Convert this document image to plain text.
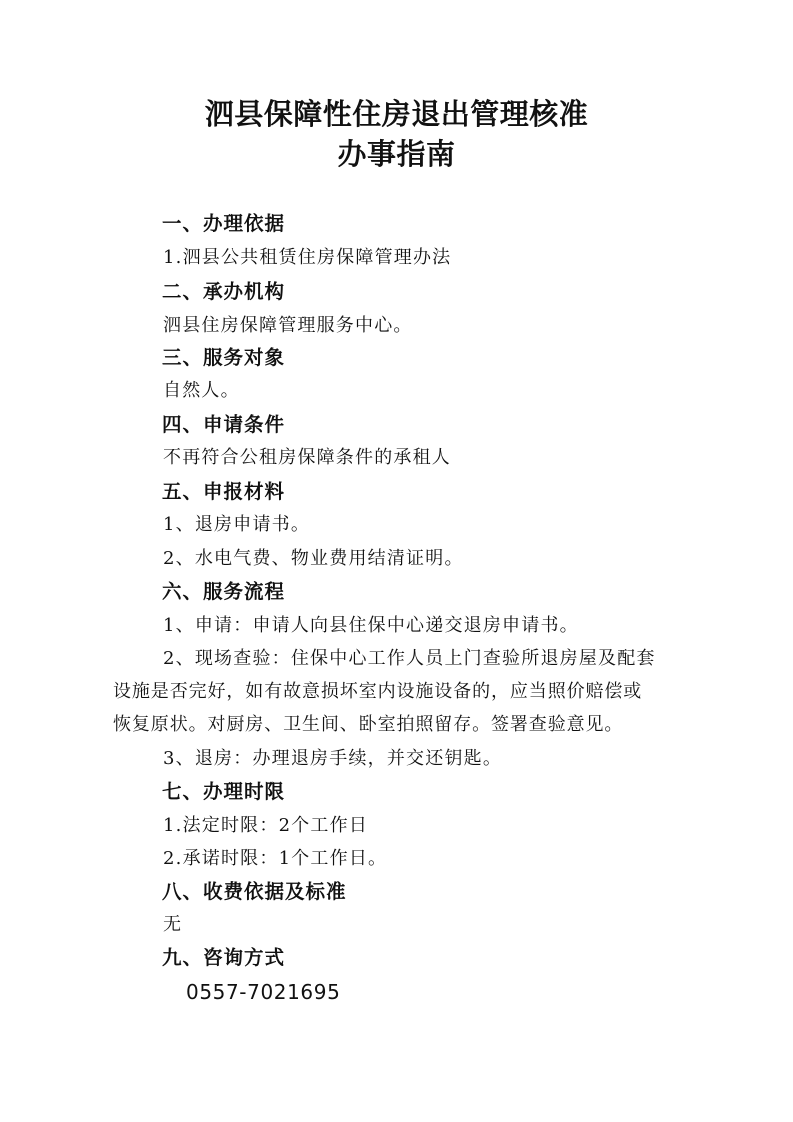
泗县保障性住房退出管理核准
办事指南
一、办理依据
1.泗县公共租赁住房保障管理办法
二、承办机构
泗县住房保障管理服务中心。
三、服务对象
自然人。
四、申请条件
不再符合公租房保障条件的承租人
五、申报材料
1、退房申请书。
2、水电气费、物业费用结清证明。
六、服务流程
1、申请：申请人向县住保中心递交退房申请书。
2、现场查验：住保中心工作人员上门查验所退房屋及配套
设施是否完好，如有故意损坏室内设施设备的，应当照价赔偿或
恢复原状。对厨房、卫生间、卧室拍照留存。签署查验意见。
3、退房：办理退房手续，并交还钥匙。
七、办理时限
1.法定时限：2个工作日
2.承诺时限：1个工作日。
八、收费依据及标准
无
九、咨询方式
0557-7021695
